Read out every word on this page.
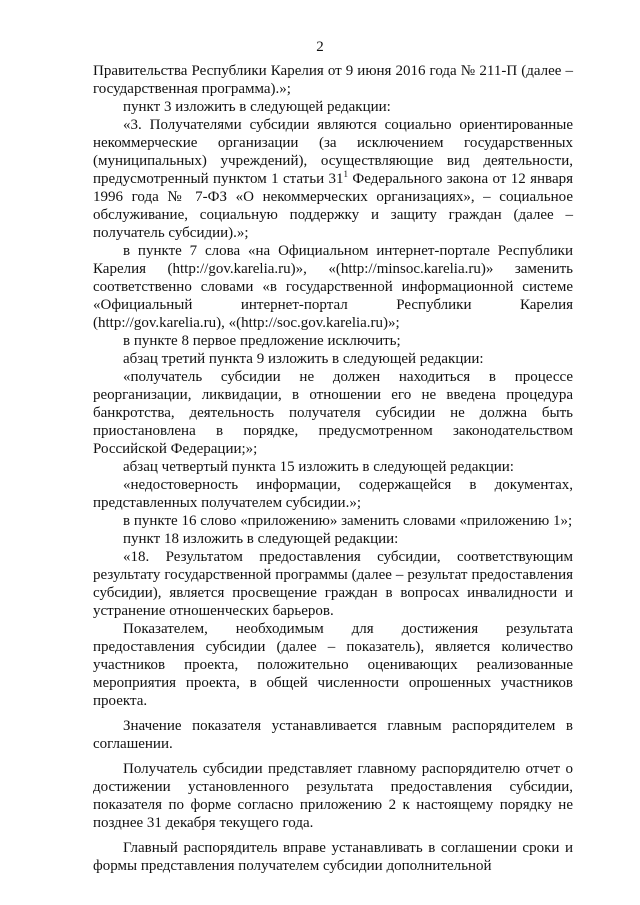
2

Правительства Республики Карелия от 9 июня 2016 года № 211-П (далее – государственная программа).»;

пункт 3 изложить в следующей редакции:

«3. Получателями субсидии являются социально ориентированные некоммерческие организации (за исключением государственных (муниципальных) учреждений), осуществляющие вид деятельности, предусмотренный пунктом 1 статьи $31^1$ Федерального закона от 12 января 1996 года № 7-ФЗ «О некоммерческих организациях», – социальное обслуживание, социальную поддержку и защиту граждан (далее – получатель субсидии).»;

в пункте 7 слова «на Официальном интернет-портале Республики Карелия (http://gov.karelia.ru)», «(http://minsoc.karelia.ru)» заменить соответственно словами «в государственной информационной системе «Официальный интернет-портал Республики Карелия (http://gov.karelia.ru), «(http://soc.gov.karelia.ru)»;

в пункте 8 первое предложение исключить;

абзац третий пункта 9 изложить в следующей редакции:

«получатель субсидии не должен находиться в процессе реорганизации, ликвидации, в отношении его не введена процедура банкротства, деятельность получателя субсидии не должна быть приостановлена в порядке, предусмотренном законодательством Российской Федерации;»;

абзац четвертый пункта 15 изложить в следующей редакции:

«недостоверность информации, содержащейся в документах, представленных получателем субсидии.»;

в пункте 16 слово «приложению» заменить словами «приложению 1»;

пункт 18 изложить в следующей редакции:

«18. Результатом предоставления субсидии, соответствующим результату государственной программы (далее – результат предоставления субсидии), является просвещение граждан в вопросах инвалидности и устранение отношенческих барьеров.

Показателем, необходимым для достижения результата предоставления субсидии (далее – показатель), является количество участников проекта, положительно оценивающих реализованные мероприятия проекта, в общей численности опрошенных участников проекта.

Значение показателя устанавливается главным распорядителем в соглашении.

Получатель субсидии представляет главному распорядителю отчет о достижении установленного результата предоставления субсидии, показателя по форме согласно приложению 2 к настоящему порядку не позднее 31 декабря текущего года.

Главный распорядитель вправе устанавливать в соглашении сроки и формы представления получателем субсидии дополнительной
